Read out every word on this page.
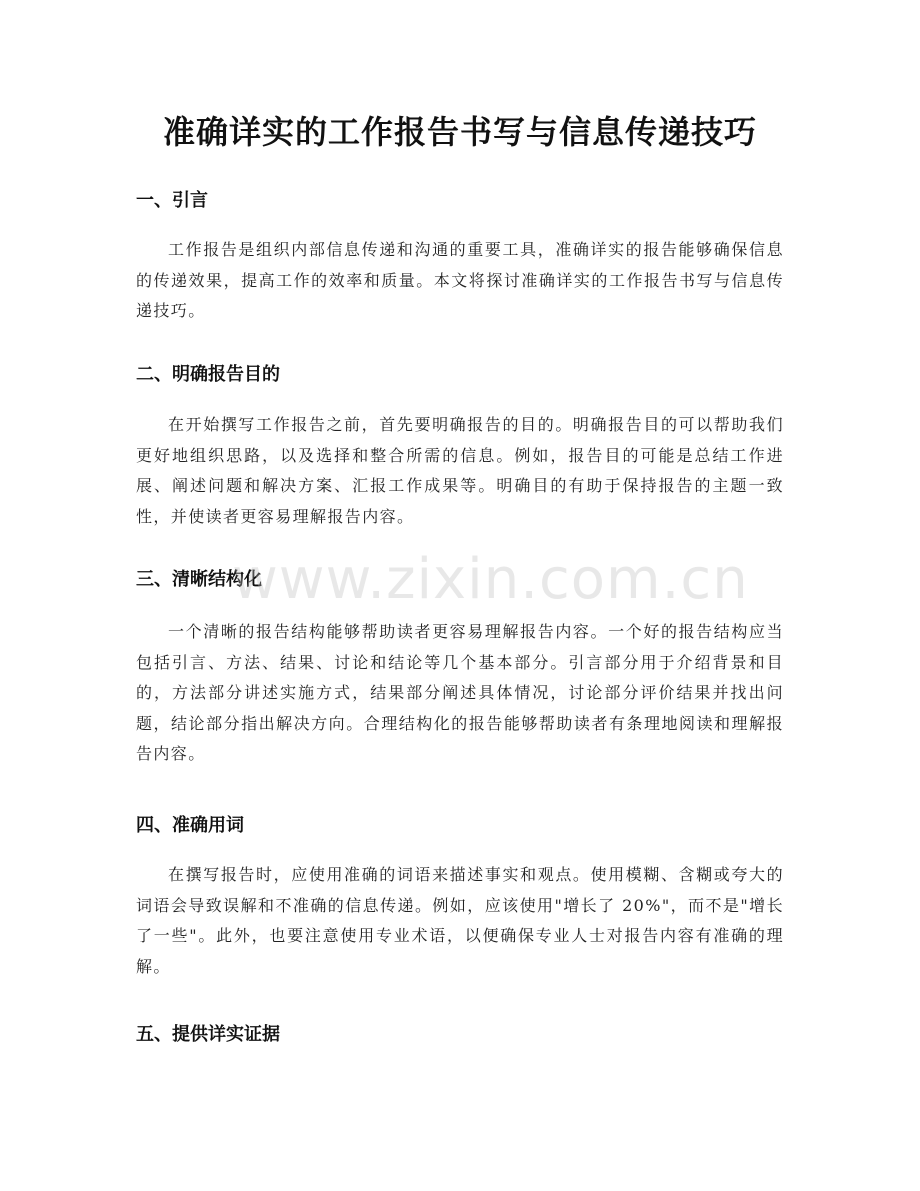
准确详实的工作报告书写与信息传递技巧
一、引言

工作报告是组织内部信息传递和沟通的重要工具，准确详实的报告能够确保信息的传递效果，提高工作的效率和质量。本文将探讨准确详实的工作报告书写与信息传递技巧。

二、明确报告目的

在开始撰写工作报告之前，首先要明确报告的目的。明确报告目的可以帮助我们更好地组织思路，以及选择和整合所需的信息。例如，报告目的可能是总结工作进展、阐述问题和解决方案、汇报工作成果等。明确目的有助于保持报告的主题一致性，并使读者更容易理解报告内容。

三、清晰结构化

一个清晰的报告结构能够帮助读者更容易理解报告内容。一个好的报告结构应当包括引言、方法、结果、讨论和结论等几个基本部分。引言部分用于介绍背景和目的，方法部分讲述实施方式，结果部分阐述具体情况，讨论部分评价结果并找出问题，结论部分指出解决方向。合理结构化的报告能够帮助读者有条理地阅读和理解报告内容。

四、准确用词

在撰写报告时，应使用准确的词语来描述事实和观点。使用模糊、含糊或夸大的词语会导致误解和不准确的信息传递。例如，应该使用"增长了 20%"，而不是"增长了一些"。此外，也要注意使用专业术语，以便确保专业人士对报告内容有准确的理解。

五、提供详实证据
www.zixin.com.cn
